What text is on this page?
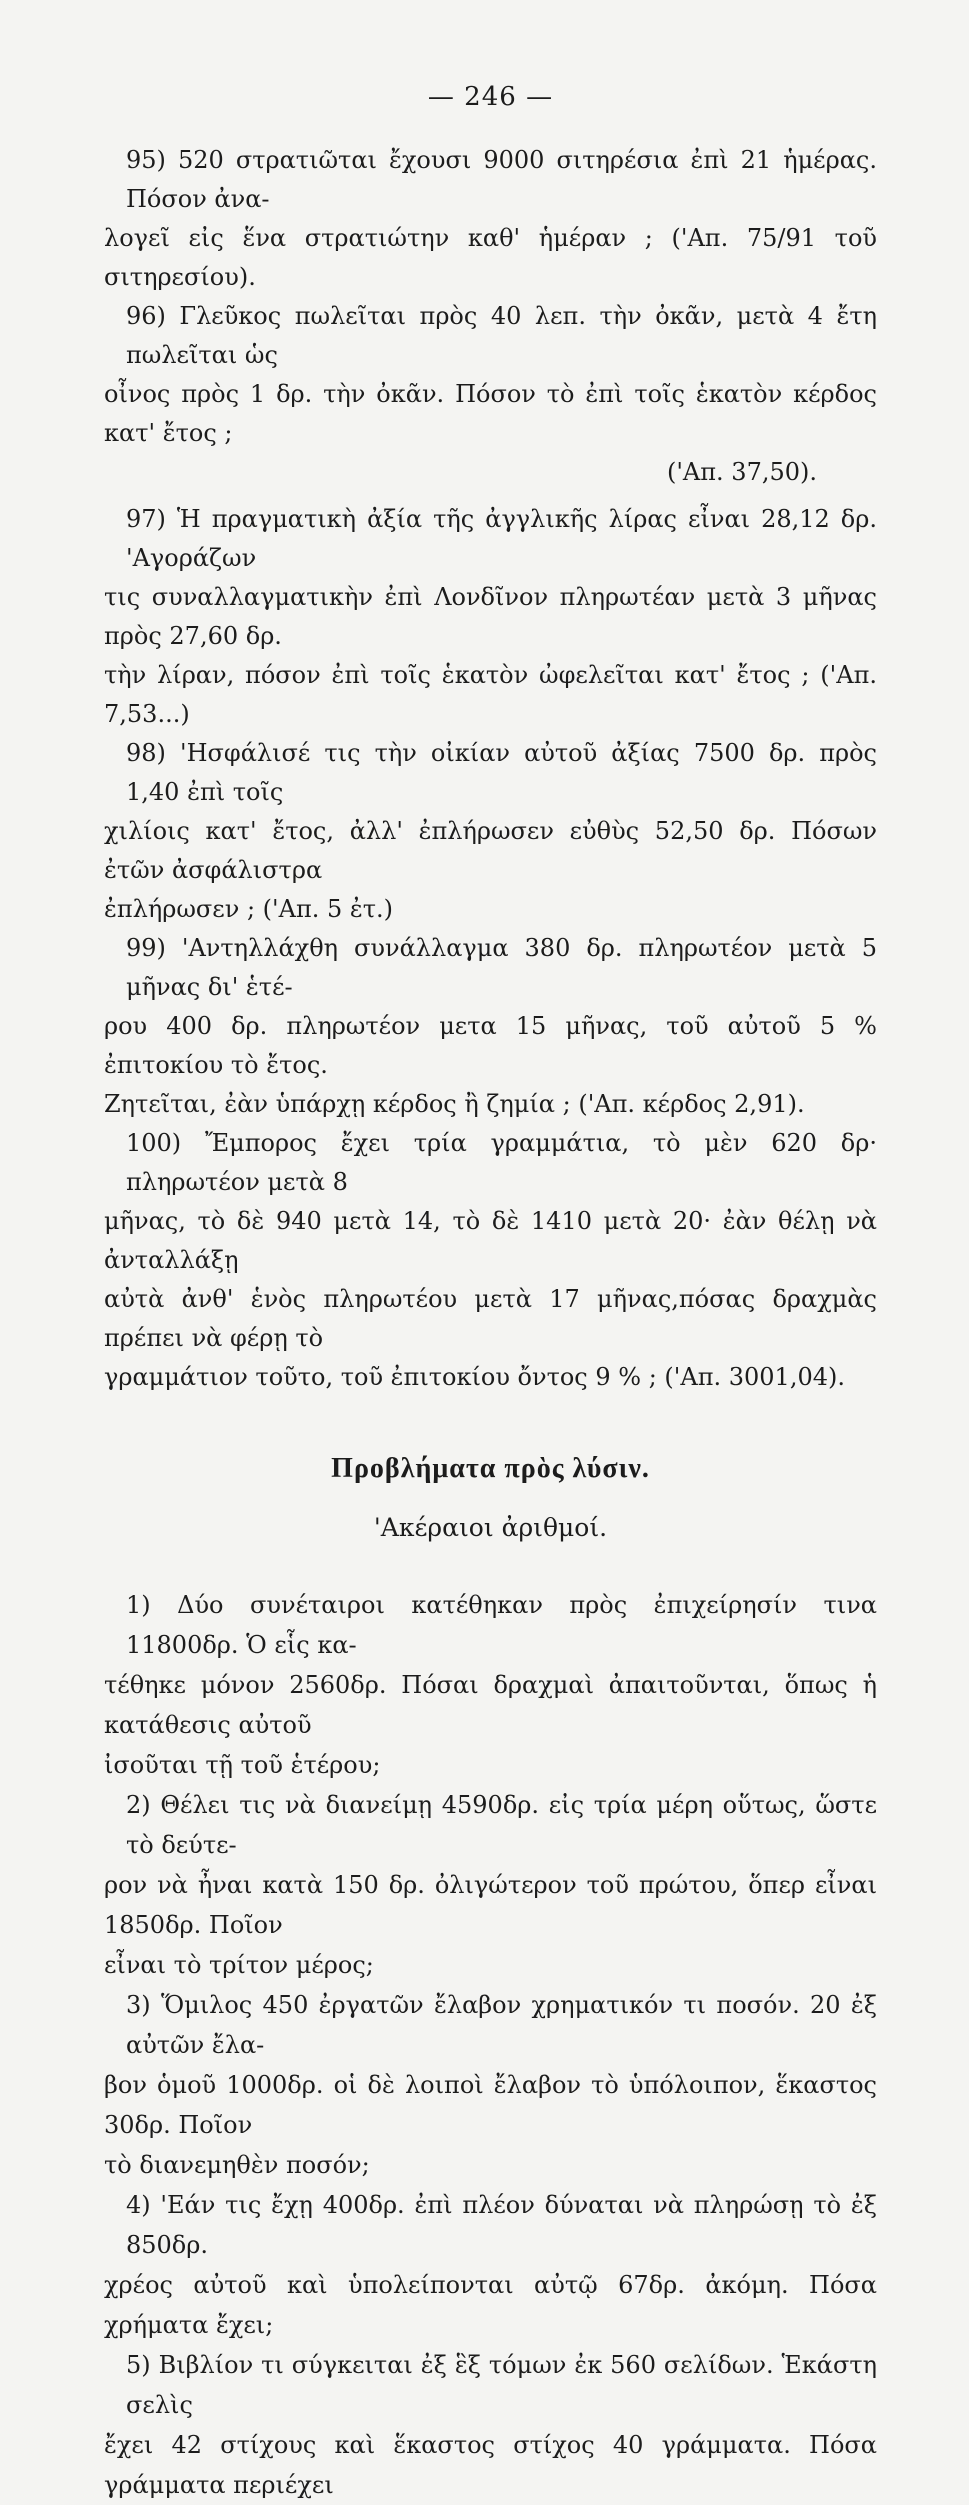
— 246 —
95) 520 στρατιῶται ἔχουσι 9000 σιτηρέσια ἐπὶ 21 ἡμέρας. Πόσον ἀνα-
λογεῖ εἰς ἕνα στρατιώτην καθ' ἡμέραν ; ('Απ. 75/91 τοῦ σιτηρεσίου).
96) Γλεῦκος πωλεῖται πρὸς 40 λεπ. τὴν ὀκᾶν, μετὰ 4 ἔτη πωλεῖται ὡς
οἶνος πρὸς 1 δρ. τὴν ὀκᾶν. Πόσον τὸ ἐπὶ τοῖς ἑκατὸν κέρδος κατ' ἔτος ;
('Απ. 37,50).
97) Ἡ πραγματικὴ ἀξία τῆς ἀγγλικῆς λίρας εἶναι 28,12 δρ. 'Αγοράζων
τις συναλλαγματικὴν ἐπὶ Λονδῖνον πληρωτέαν μετὰ 3 μῆνας πρὸς 27,60 δρ.
τὴν λίραν, πόσον ἐπὶ τοῖς ἑκατὸν ὠφελεῖται κατ' ἔτος ; ('Απ. 7,53...)
98) 'Ησφάλισέ τις τὴν οἰκίαν αὐτοῦ ἀξίας 7500 δρ. πρὸς 1,40 ἐπὶ τοῖς
χιλίοις κατ' ἔτος, ἀλλ' ἐπλήρωσεν εὐθὺς 52,50 δρ. Πόσων ἐτῶν ἀσφάλιστρα
ἐπλήρωσεν ; ('Απ. 5 ἐτ.)
99) 'Αντηλλάχθη συνάλλαγμα 380 δρ. πληρωτέον μετὰ 5 μῆνας δι' ἑτέ-
ρου 400 δρ. πληρωτέον μετα 15 μῆνας, τοῦ αὐτοῦ 5 % ἐπιτοκίου τὸ ἔτος.
Ζητεῖται, ἐὰν ὑπάρχῃ κέρδος ἢ ζημία ; ('Απ. κέρδος 2,91).
100) Ἔμπορος ἔχει τρία γραμμάτια, τὸ μὲν 620 δρ· πληρωτέον μετὰ 8
μῆνας, τὸ δὲ 940 μετὰ 14, τὸ δὲ 1410 μετὰ 20· ἐὰν θέλῃ νὰ ἀνταλλάξῃ
αὐτὰ ἀνθ' ἑνὸς πληρωτέου μετὰ 17 μῆνας,πόσας δραχμὰς πρέπει νὰ φέρῃ τὸ
γραμμάτιον τοῦτο, τοῦ ἐπιτοκίου ὄντος 9 % ; ('Απ. 3001,04).
Προβλήματα πρὸς λύσιν.
'Ακέραιοι ἀριθμοί.
1) Δύο συνέταιροι κατέθηκαν πρὸς ἐπιχείρησίν τινα 11800δρ. Ὁ εἷς κα-
τέθηκε μόνον 2560δρ. Πόσαι δραχμαὶ ἀπαιτοῦνται, ὅπως ἡ κατάθεσις αὐτοῦ
ἰσοῦται τῇ τοῦ ἑτέρου;
2) Θέλει τις νὰ διανείμῃ 4590δρ. εἰς τρία μέρη οὕτως, ὥστε τὸ δεύτε-
ρον νὰ ἦναι κατὰ 150 δρ. ὀλιγώτερον τοῦ πρώτου, ὅπερ εἶναι 1850δρ. Ποῖον
εἶναι τὸ τρίτον μέρος;
3) Ὅμιλος 450 ἐργατῶν ἔλαβον χρηματικόν τι ποσόν. 20 ἐξ αὐτῶν ἔλα-
βον ὁμοῦ 1000δρ. οἱ δὲ λοιποὶ ἔλαβον τὸ ὑπόλοιπον, ἕκαστος 30δρ. Ποῖον
τὸ διανεμηθὲν ποσόν;
4) 'Εάν τις ἔχῃ 400δρ. ἐπὶ πλέον δύναται νὰ πληρώσῃ τὸ ἐξ 850δρ.
χρέος αὐτοῦ καὶ ὑπολείπονται αὐτῷ 67δρ. ἀκόμη. Πόσα χρήματα ἔχει;
5) Βιβλίον τι σύγκειται ἐξ ἓξ τόμων ἐκ 560 σελίδων. Ἑκάστη σελὶς
ἔχει 42 στίχους καὶ ἕκαστος στίχος 40 γράμματα. Πόσα γράμματα περιέχει
